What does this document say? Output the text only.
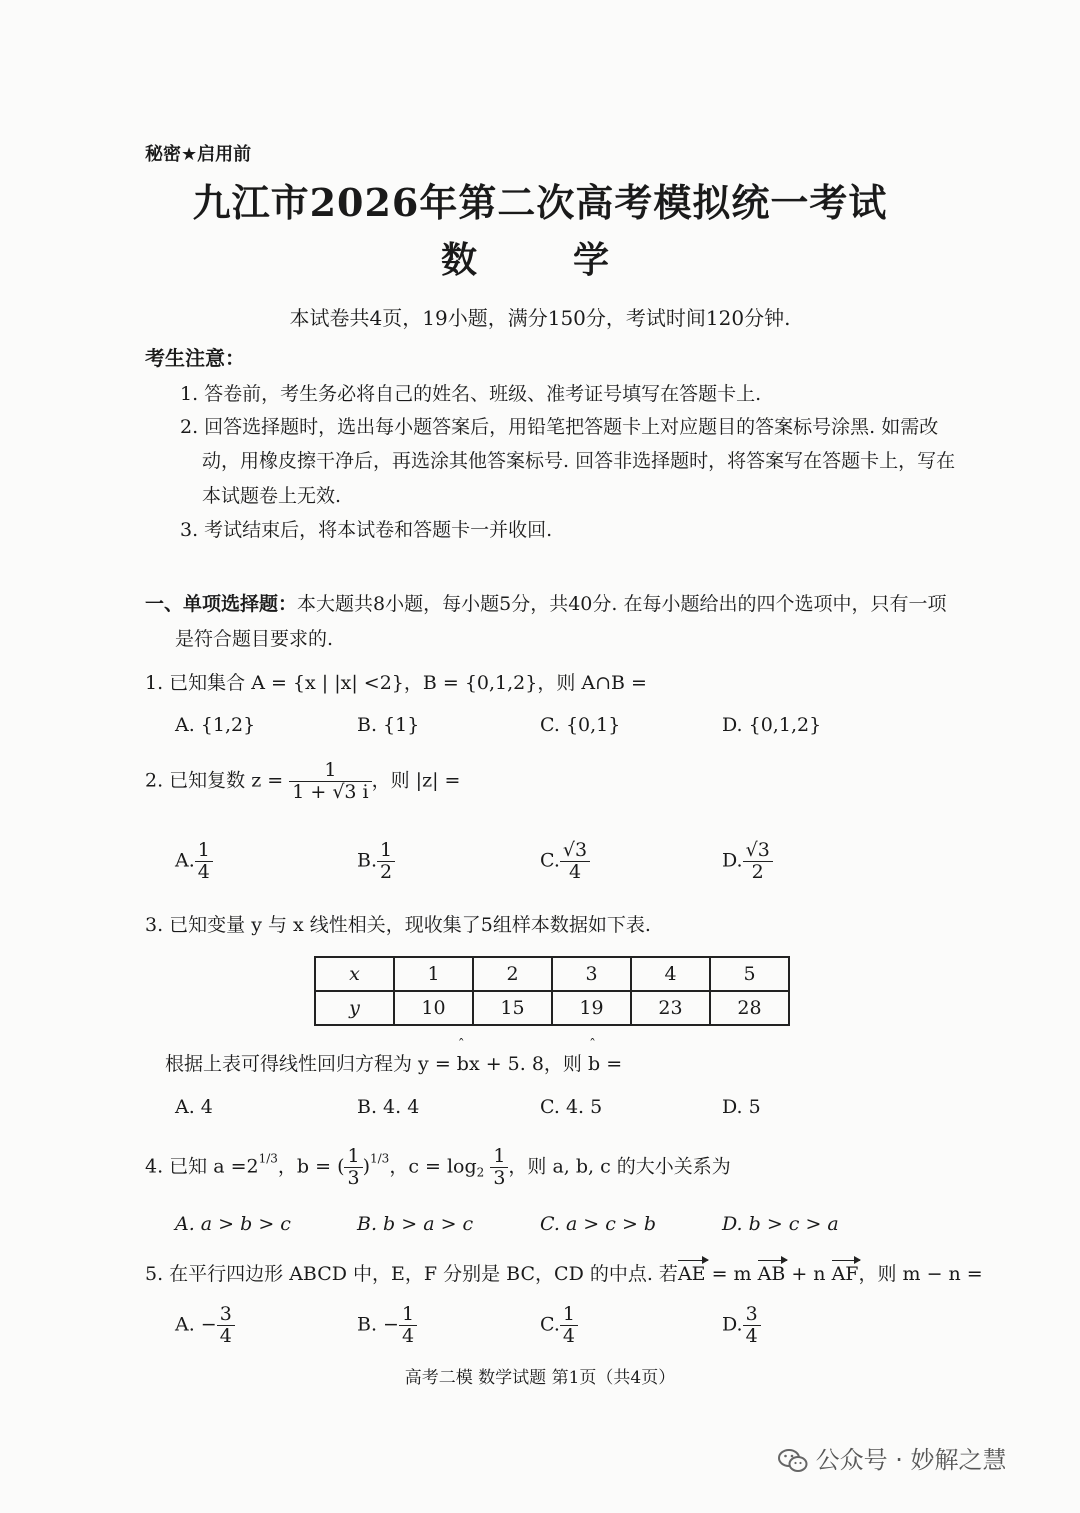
秘密★启用前
九江市2026年第二次高考模拟统一考试
数　学
本试卷共4页，19小题，满分150分，考试时间120分钟.
考生注意：
1. 答卷前，考生务必将自己的姓名、班级、准考证号填写在答题卡上.
2. 回答选择题时，选出每小题答案后，用铅笔把答题卡上对应题目的答案标号涂黑. 如需改
动，用橡皮擦干净后，再选涂其他答案标号. 回答非选择题时，将答案写在答题卡上，写在
本试题卷上无效.
3. 考试结束后，将本试卷和答题卡一并收回.
一、单项选择题：本大题共8小题，每小题5分，共40分. 在每小题给出的四个选项中，只有一项
是符合题目要求的.
1. 已知集合 A = {x | |x| <2}，B = {0,1,2}，则 A∩B =
A. {1,2}	B. {1}	C. {0,1}	D. {0,1,2}
2. 已知复数 $z = \frac{1}{1 + √3 i}$ ，则 |z| =
A. $\frac{1}{4}$	B. $\frac{1}{2}$	C. $\frac{√3}{4}$	D. $\frac{√3}{2}$
3. 已知变量 y 与 x 线性相关，现收集了5组样本数据如下表.
x	1	2	3	4	5
y	10	15	19	23	28
根据上表可得线性回归方程为 y = ˆ bx + 5. 8，则 ˆ b =
A. 4	B. 4. 4	C. 4. 5	D. 5
4. 已知 $a =2^{1/3}$，b = ( $\frac{1}{3} )^{1/3}$，$c = \log_2 \frac{1}{3}$ ，则 a, b, c 的大小关系为
A. a > b > c	B. b > a > c	C. a > c > b	D. b > c > a
5. 在平行四边形 ABCD 中，E，F 分别是 BC，CD 的中点. 若AE = m AB + n AF，则 m − n =
A. − $\frac{3}{4}$	B. − $\frac{1}{4}$	C. $\frac{1}{4}$	D. $\frac{3}{4}$
高考二模 数学试题 第1页（共4页）
公众号 · 妙解之慧
